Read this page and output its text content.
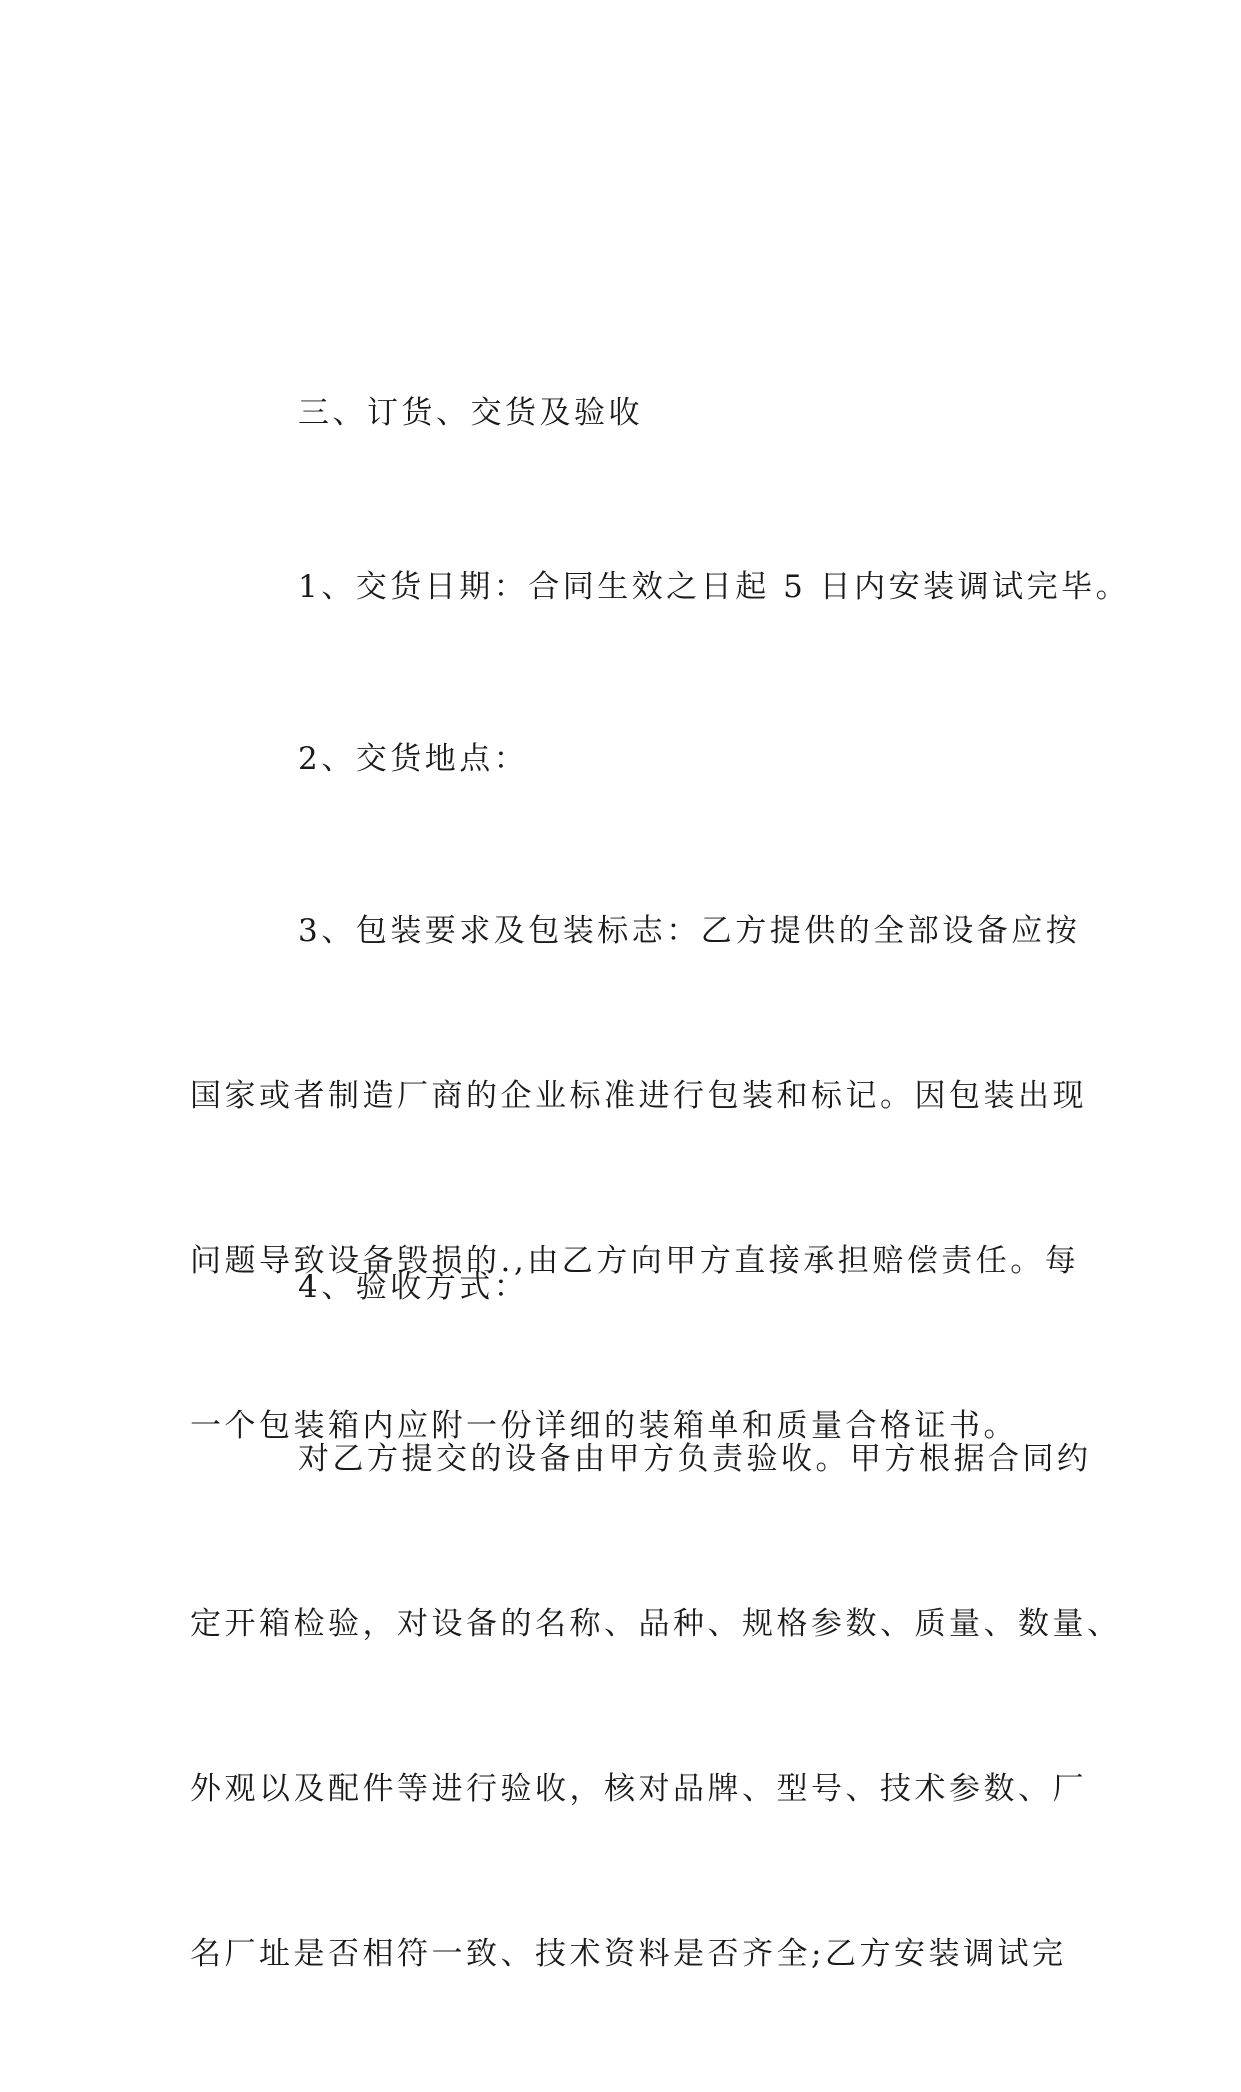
三、订货、交货及验收

1、交货日期：合同生效之日起 5 日内安装调试完毕。

2、交货地点：

3、包装要求及包装标志：乙方提供的全部设备应按

国家或者制造厂商的企业标准进行包装和标记。因包装出现

问题导致设备毁损的.,由乙方向甲方直接承担赔偿责任。每

一个包装箱内应附一份详细的装箱单和质量合格证书。

4、验收方式：

对乙方提交的设备由甲方负责验收。甲方根据合同约

定开箱检验，对设备的名称、品种、规格参数、质量、数量、

外观以及配件等进行验收，核对品牌、型号、技术参数、厂

名厂址是否相符一致、技术资料是否齐全;乙方安装调试完
